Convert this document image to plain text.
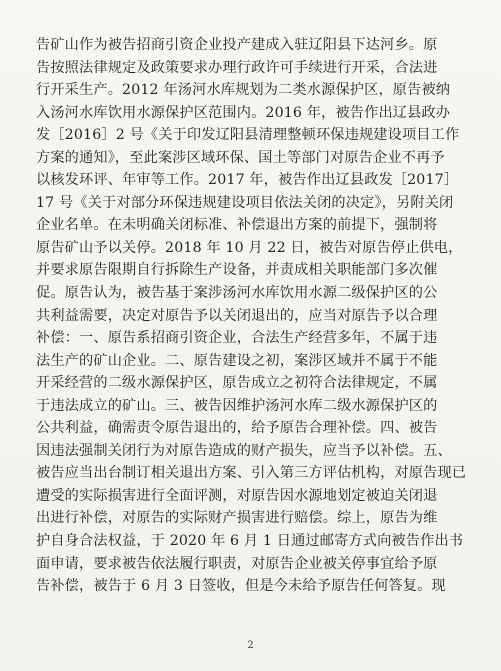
告矿山作为被告招商引资企业投产建成入驻辽阳县下达河乡。原
告按照法律规定及政策要求办理行政许可手续进行开采，合法进
行开采生产。2012 年汤河水库规划为二类水源保护区，原告被纳
入汤河水库饮用水源保护区范围内。2016 年，被告作出辽县政办
发［2016］2 号《关于印发辽阳县清理整顿环保违规建设项目工作
方案的通知》，至此案涉区域环保、国土等部门对原告企业不再予
以核发环评、年审等工作。2017 年，被告作出辽县政发［2017］
17 号《关于对部分环保违规建设项目依法关闭的决定》，另附关闭
企业名单。在未明确关闭标准、补偿退出方案的前提下，强制将
原告矿山予以关停。2018 年 10 月 22 日，被告对原告停止供电，
并要求原告限期自行拆除生产设备，并责成相关职能部门多次催
促。原告认为，被告基于案涉汤河水库饮用水源二级保护区的公
共利益需要，决定对原告予以关闭退出的，应当对原告予以合理
补偿：一、原告系招商引资企业，合法生产经营多年，不属于违
法生产的矿山企业。二、原告建设之初，案涉区域并不属于不能
开采经营的二级水源保护区，原告成立之初符合法律规定，不属
于违法成立的矿山。三、被告因维护汤河水库二级水源保护区的
公共利益，确需责令原告退出的，给予原告合理补偿。四、被告
因违法强制关闭行为对原告造成的财产损失，应当予以补偿。五、
被告应当出台制订相关退出方案、引入第三方评估机构，对原告现已
遭受的实际损害进行全面评测，对原告因水源地划定被迫关闭退
出进行补偿，对原告的实际财产损害进行赔偿。综上，原告为维
护自身合法权益，于 2020 年 6 月 1 日通过邮寄方式向被告作出书
面申请，要求被告依法履行职责，对原告企业被关停事宜给予原
告补偿，被告于 6 月 3 日签收，但是今未给予原告任何答复。现
2
